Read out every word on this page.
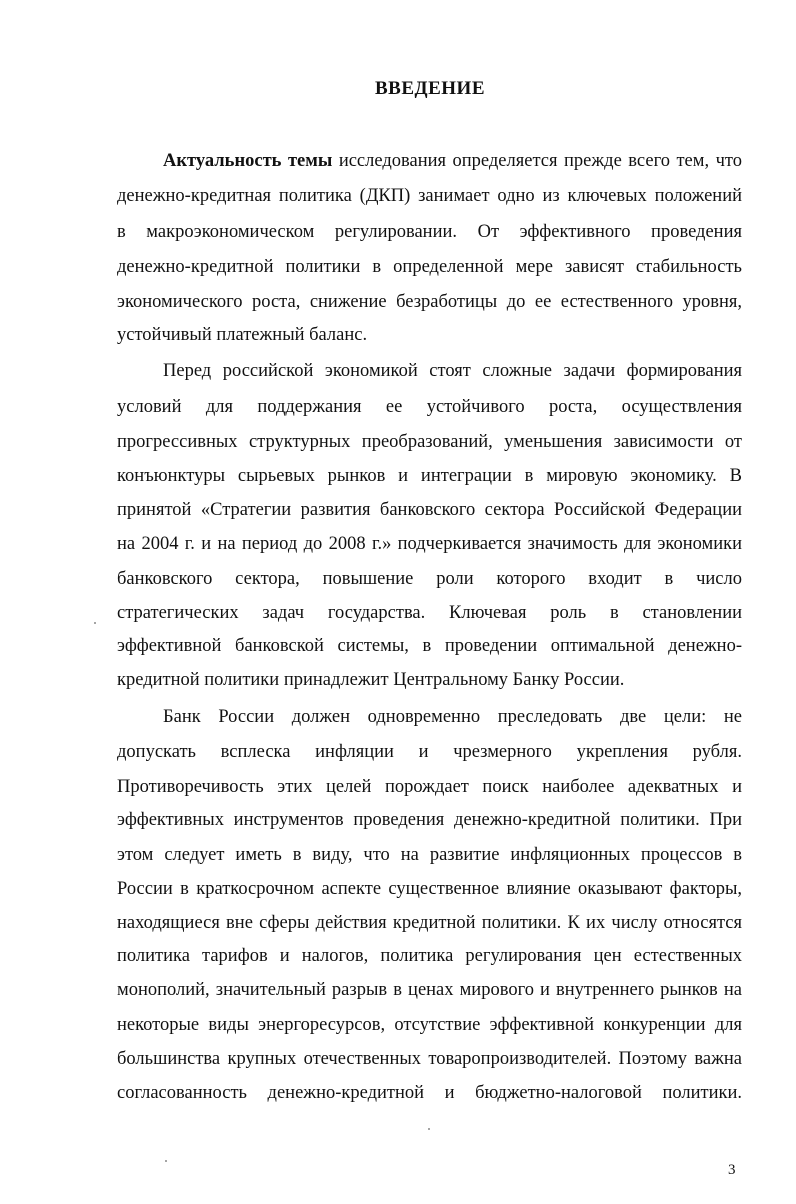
ВВЕДЕНИЕ
Актуальность темы исследования определяется прежде всего тем, что
денежно-кредитная политика (ДКП) занимает одно из ключевых положений
в макроэкономическом регулировании. От эффективного проведения
денежно-кредитной политики в определенной мере зависят стабильность
экономического роста, снижение безработицы до ее естественного уровня,
устойчивый платежный баланс.
Перед российской экономикой стоят сложные задачи формирования
условий для поддержания ее устойчивого роста, осуществления
прогрессивных структурных преобразований, уменьшения зависимости от
конъюнктуры сырьевых рынков и интеграции в мировую экономику. В
принятой «Стратегии развития банковского сектора Российской Федерации
на 2004 г. и на период до 2008 г.» подчеркивается значимость для экономики
банковского сектора, повышение роли которого входит в число
стратегических задач государства. Ключевая роль в становлении
эффективной банковской системы, в проведении оптимальной денежно-
кредитной политики принадлежит Центральному Банку России.
Банк России должен одновременно преследовать две цели: не
допускать всплеска инфляции и чрезмерного укрепления рубля.
Противоречивость этих целей порождает поиск наиболее адекватных и
эффективных инструментов проведения денежно-кредитной политики. При
этом следует иметь в виду, что на развитие инфляционных процессов в
России в краткосрочном аспекте существенное влияние оказывают факторы,
находящиеся вне сферы действия кредитной политики. К их числу относятся
политика тарифов и налогов, политика регулирования цен естественных
монополий, значительный разрыв в ценах мирового и внутреннего рынков на
некоторые виды энергоресурсов, отсутствие эффективной конкуренции для
большинства крупных отечественных товаропроизводителей. Поэтому важна
согласованность денежно-кредитной и бюджетно-налоговой политики.
3
